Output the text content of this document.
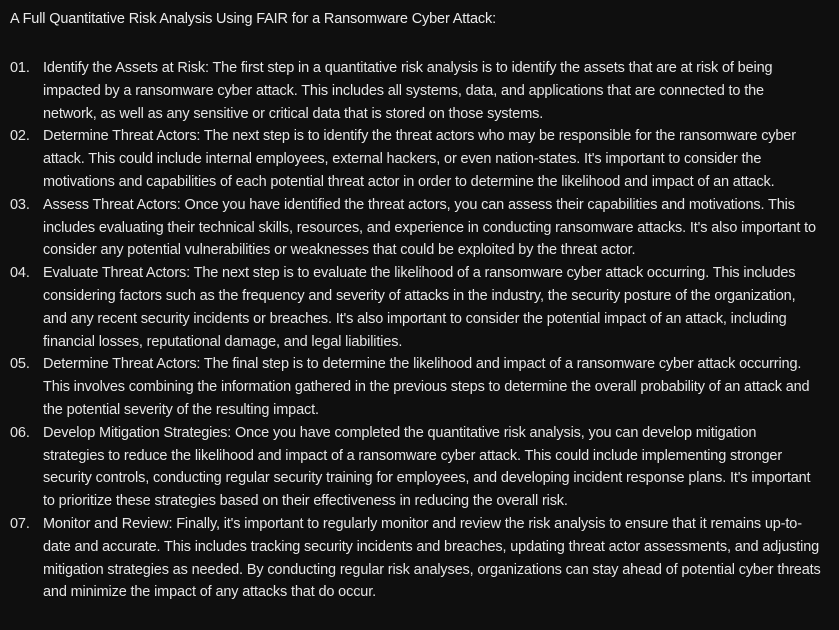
A Full Quantitative Risk Analysis Using FAIR for a Ransomware Cyber Attack:
01. Identify the Assets at Risk: The first step in a quantitative risk analysis is to identify the assets that are at risk of being impacted by a ransomware cyber attack. This includes all systems, data, and applications that are connected to the network, as well as any sensitive or critical data that is stored on those systems.
02. Determine Threat Actors: The next step is to identify the threat actors who may be responsible for the ransomware cyber attack. This could include internal employees, external hackers, or even nation-states. It's important to consider the motivations and capabilities of each potential threat actor in order to determine the likelihood and impact of an attack.
03. Assess Threat Actors: Once you have identified the threat actors, you can assess their capabilities and motivations. This includes evaluating their technical skills, resources, and experience in conducting ransomware attacks. It's also important to consider any potential vulnerabilities or weaknesses that could be exploited by the threat actor.
04. Evaluate Threat Actors: The next step is to evaluate the likelihood of a ransomware cyber attack occurring. This includes considering factors such as the frequency and severity of attacks in the industry, the security posture of the organization, and any recent security incidents or breaches. It's also important to consider the potential impact of an attack, including financial losses, reputational damage, and legal liabilities.
05. Determine Threat Actors: The final step is to determine the likelihood and impact of a ransomware cyber attack occurring. This involves combining the information gathered in the previous steps to determine the overall probability of an attack and the potential severity of the resulting impact.
06. Develop Mitigation Strategies: Once you have completed the quantitative risk analysis, you can develop mitigation strategies to reduce the likelihood and impact of a ransomware cyber attack. This could include implementing stronger security controls, conducting regular security training for employees, and developing incident response plans. It's important to prioritize these strategies based on their effectiveness in reducing the overall risk.
07. Monitor and Review: Finally, it's important to regularly monitor and review the risk analysis to ensure that it remains up-to-date and accurate. This includes tracking security incidents and breaches, updating threat actor assessments, and adjusting mitigation strategies as needed. By conducting regular risk analyses, organizations can stay ahead of potential cyber threats and minimize the impact of any attacks that do occur.
